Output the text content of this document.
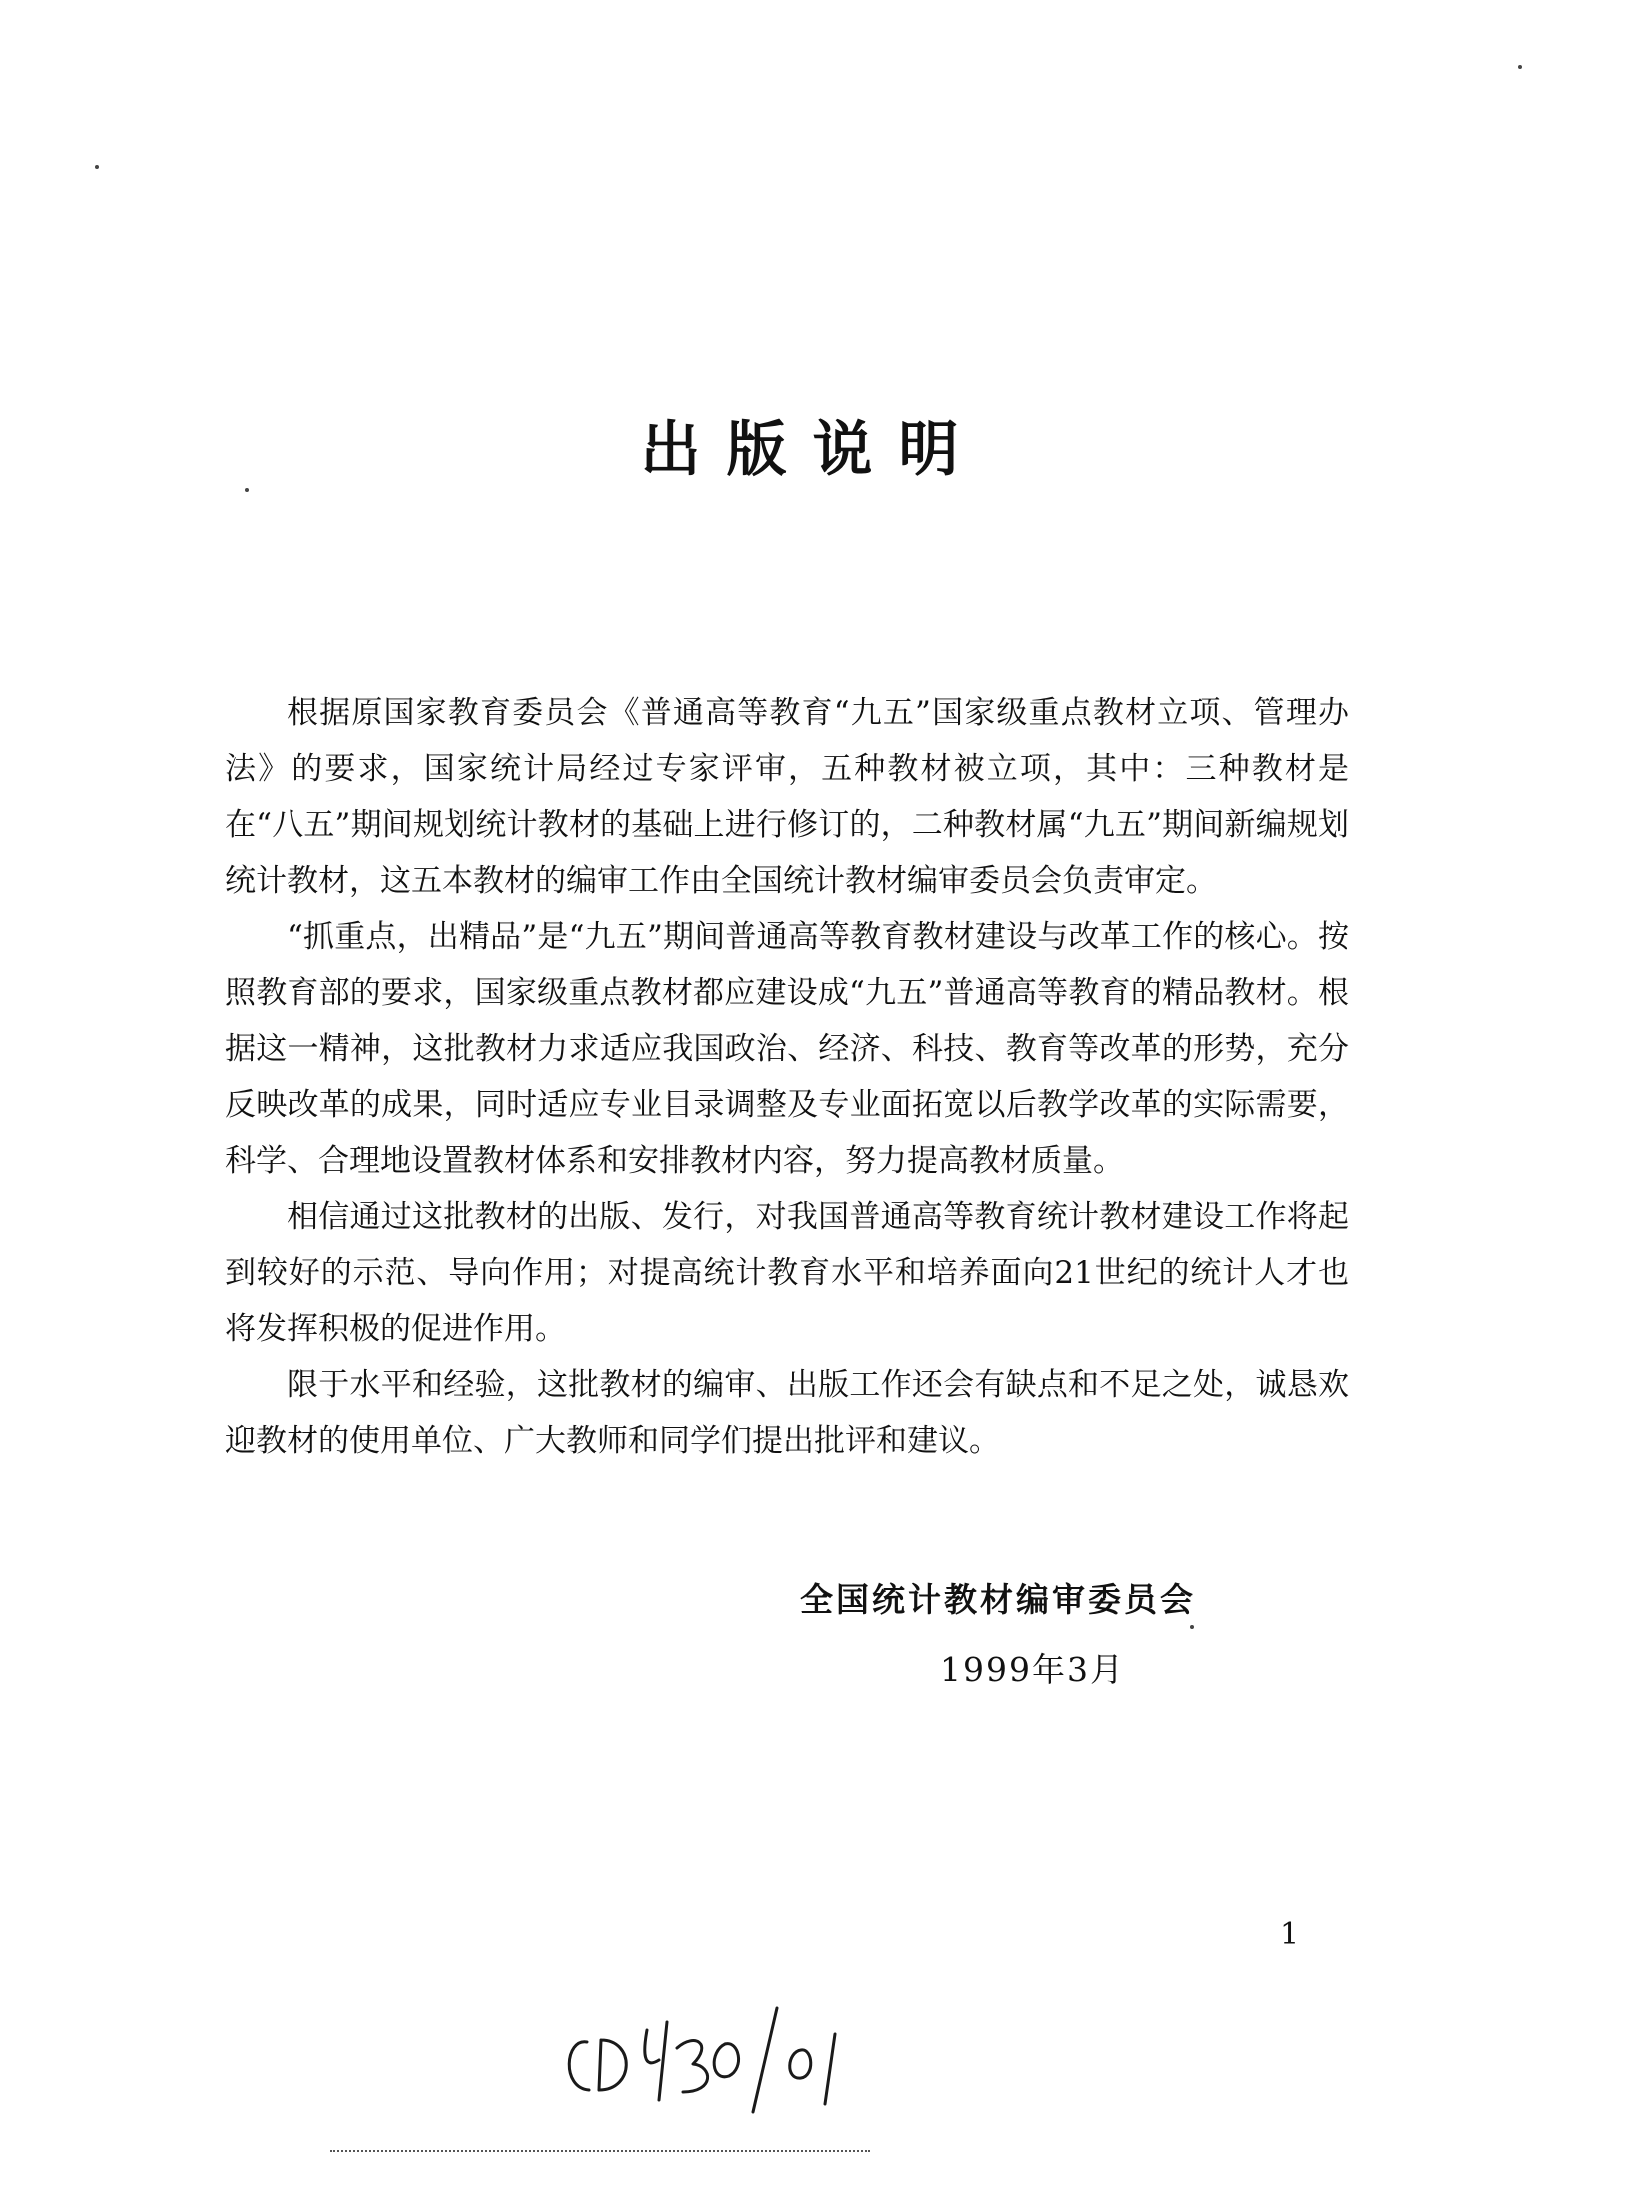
出版说明

根据原国家教育委员会《普通高等教育“九五”国家级重点教材立项、管理办法》的要求，国家统计局经过专家评审，五种教材被立项，其中：三种教材是在“八五”期间规划统计教材的基础上进行修订的，二种教材属“九五”期间新编规划统计教材，这五本教材的编审工作由全国统计教材编审委员会负责审定。

“抓重点，出精品”是“九五”期间普通高等教育教材建设与改革工作的核心。按照教育部的要求，国家级重点教材都应建设成“九五”普通高等教育的精品教材。根据这一精神，这批教材力求适应我国政治、经济、科技、教育等改革的形势，充分反映改革的成果，同时适应专业目录调整及专业面拓宽以后教学改革的实际需要，科学、合理地设置教材体系和安排教材内容，努力提高教材质量。

相信通过这批教材的出版、发行，对我国普通高等教育统计教材建设工作将起到较好的示范、导向作用；对提高统计教育水平和培养面向21世纪的统计人才也将发挥积极的促进作用。

限于水平和经验，这批教材的编审、出版工作还会有缺点和不足之处，诚恳欢迎教材的使用单位、广大教师和同学们提出批评和建议。

全国统计教材编审委员会
1999年3月
1
